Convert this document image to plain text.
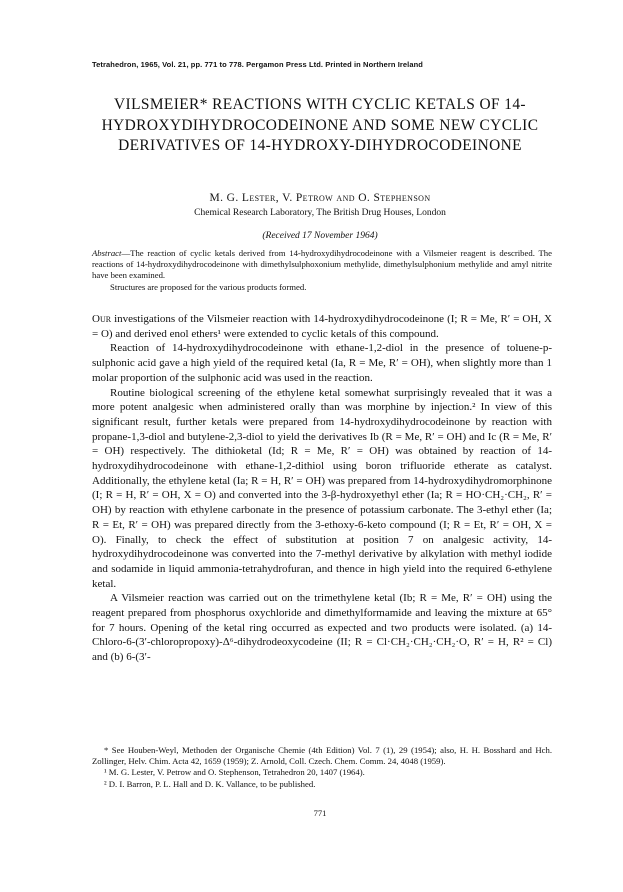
Tetrahedron, 1965, Vol. 21, pp. 771 to 778. Pergamon Press Ltd. Printed in Northern Ireland
VILSMEIER* REACTIONS WITH CYCLIC KETALS OF 14-HYDROXYDIHYDROCODEINONE AND SOME NEW CYCLIC DERIVATIVES OF 14-HYDROXY-DIHYDROCODEINONE
M. G. Lester, V. Petrow and O. Stephenson
Chemical Research Laboratory, The British Drug Houses, London
(Received 17 November 1964)

Abstract—The reaction of cyclic ketals derived from 14-hydroxydihydrocodeinone with a Vilsmeier reagent is described. The reactions of 14-hydroxydihydrocodeinone with dimethylsulphoxonium methylide, dimethylsulphonium methylide and amyl nitrite have been examined.

Structures are proposed for the various products formed.

Our investigations of the Vilsmeier reaction with 14-hydroxydihydrocodeinone (I; R = Me, R′ = OH, X = O) and derived enol ethers¹ were extended to cyclic ketals of this compound.

Reaction of 14-hydroxydihydrocodeinone with ethane-1,2-diol in the presence of toluene-p-sulphonic acid gave a high yield of the required ketal (Ia, R = Me, R′ = OH), when slightly more than 1 molar proportion of the sulphonic acid was used in the reaction.

Routine biological screening of the ethylene ketal somewhat surprisingly revealed that it was a more potent analgesic when administered orally than was morphine by injection.² In view of this significant result, further ketals were prepared from 14-hydroxydihydrocodeinone by reaction with propane-1,3-diol and butylene-2,3-diol to yield the derivatives Ib (R = Me, R′ = OH) and Ic (R = Me, R′ = OH) respectively. The dithioketal (Id; R = Me, R′ = OH) was obtained by reaction of 14-hydroxydihydrocodeinone with ethane-1,2-dithiol using boron trifluoride etherate as catalyst. Additionally, the ethylene ketal (Ia; R = H, R′ = OH) was prepared from 14-hydroxydihydromorphinone (I; R = H, R′ = OH, X = O) and converted into the 3-β-hydroxyethyl ether (Ia; R = HO·CH₂·CH₂, R′ = OH) by reaction with ethylene carbonate in the presence of potassium carbonate. The 3-ethyl ether (Ia; R = Et, R′ = OH) was prepared directly from the 3-ethoxy-6-keto compound (I; R = Et, R′ = OH, X = O). Finally, to check the effect of substitution at position 7 on analgesic activity, 14-hydroxydihydrocodeinone was converted into the 7-methyl derivative by alkylation with methyl iodide and sodamide in liquid ammonia-tetrahydrofuran, and thence in high yield into the required 6-ethylene ketal.

A Vilsmeier reaction was carried out on the trimethylene ketal (Ib; R = Me, R′ = OH) using the reagent prepared from phosphorus oxychloride and dimethylformamide and leaving the mixture at 65° for 7 hours. Opening of the ketal ring occurred as expected and two products were isolated. (a) 14-Chloro-6-(3′-chloropropoxy)-Δ⁶-dihydrodeoxycodeine (II; R = Cl·CH₂·CH₂·CH₂·O, R′ = H, R² = Cl) and (b) 6-(3′-

* See Houben-Weyl, Methoden der Organische Chemie (4th Edition) Vol. 7 (1), 29 (1954); also, H. H. Bosshard and Hch. Zollinger, Helv. Chim. Acta 42, 1659 (1959); Z. Arnold, Coll. Czech. Chem. Comm. 24, 4048 (1959).

¹ M. G. Lester, V. Petrow and O. Stephenson, Tetrahedron 20, 1407 (1964).

² D. I. Barron, P. L. Hall and D. K. Vallance, to be published.

771
